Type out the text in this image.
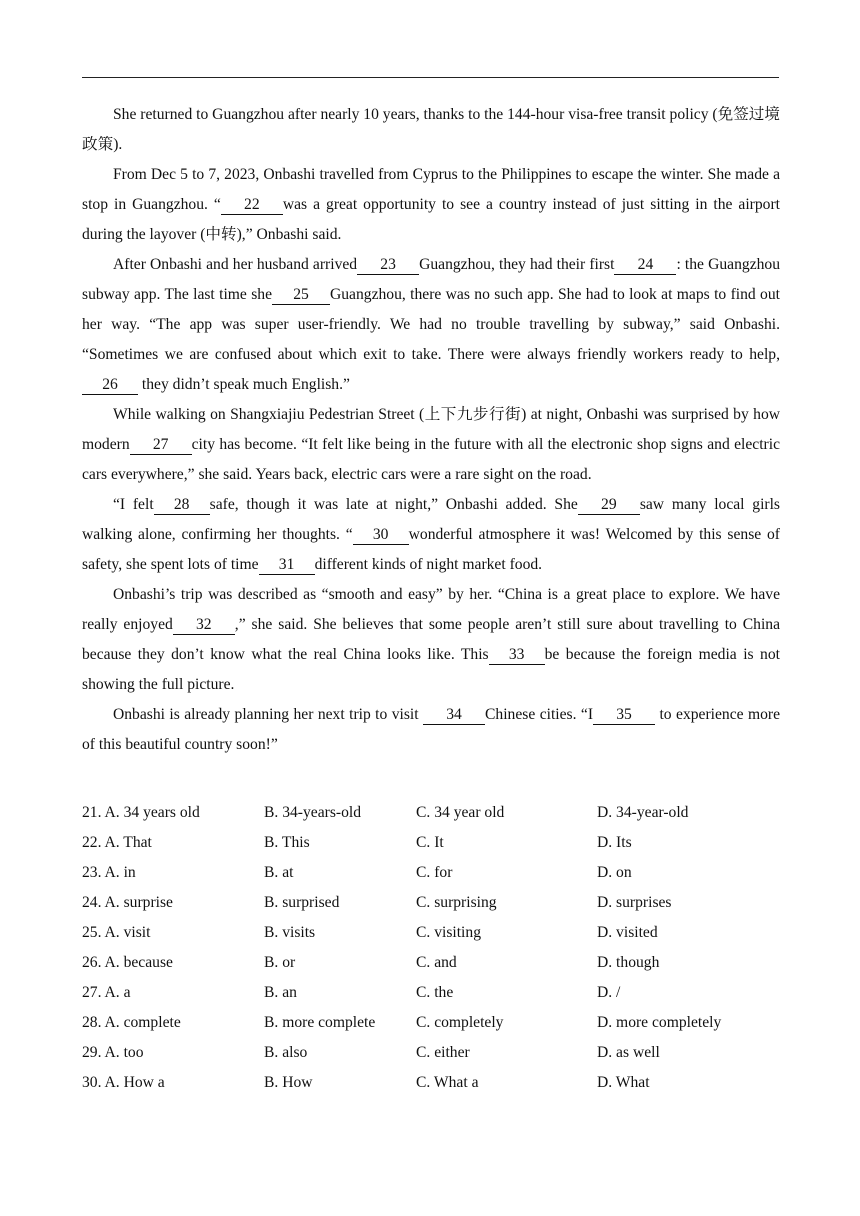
She returned to Guangzhou after nearly 10 years, thanks to the 144-hour visa-free transit policy (免签过境政策).

From Dec 5 to 7, 2023, Onbashi travelled from Cyprus to the Philippines to escape the winter. She made a stop in Guangzhou. “ 22 was a great opportunity to see a country instead of just sitting in the airport during the layover (中转),” Onbashi said.

After Onbashi and her husband arrived 23 Guangzhou, they had their first 24 : the Guangzhou subway app. The last time she 25 Guangzhou, there was no such app. She had to look at maps to find out her way. “The app was super user-friendly. We had no trouble travelling by subway,” said Onbashi. “Sometimes we are confused about which exit to take. There were always friendly workers ready to help, 26 they didn’t speak much English.”

While walking on Shangxiajiu Pedestrian Street (上下九步行街) at night, Onbashi was surprised by how modern 27 city has become. “It felt like being in the future with all the electronic shop signs and electric cars everywhere,” she said. Years back, electric cars were a rare sight on the road.

“I felt 28 safe, though it was late at night,” Onbashi added. She 29 saw many local girls walking alone, confirming her thoughts. “ 30 wonderful atmosphere it was! Welcomed by this sense of safety, she spent lots of time 31 different kinds of night market food.

Onbashi’s trip was described as “smooth and easy” by her. “China is a great place to explore. We have really enjoyed 32 ,” she said. She believes that some people aren’t still sure about travelling to China because they don’t know what the real China looks like. This 33 be because the foreign media is not showing the full picture.

Onbashi is already planning her next trip to visit 34 Chinese cities. “I 35 to experience more of this beautiful country soon!”

21. A. 34 years old	B. 34-years-old	C. 34 year old	D. 34-year-old
22. A. That	B. This	C. It	D. Its
23. A. in	B. at	C. for	D. on
24. A. surprise	B. surprised	C. surprising	D. surprises
25. A. visit	B. visits	C. visiting	D. visited
26. A. because	B. or	C. and	D. though
27. A. a	B. an	C. the	D. /
28. A. complete	B. more complete	C. completely	D. more completely
29. A. too	B. also	C. either	D. as well
30. A. How a	B. How	C. What a	D. What
